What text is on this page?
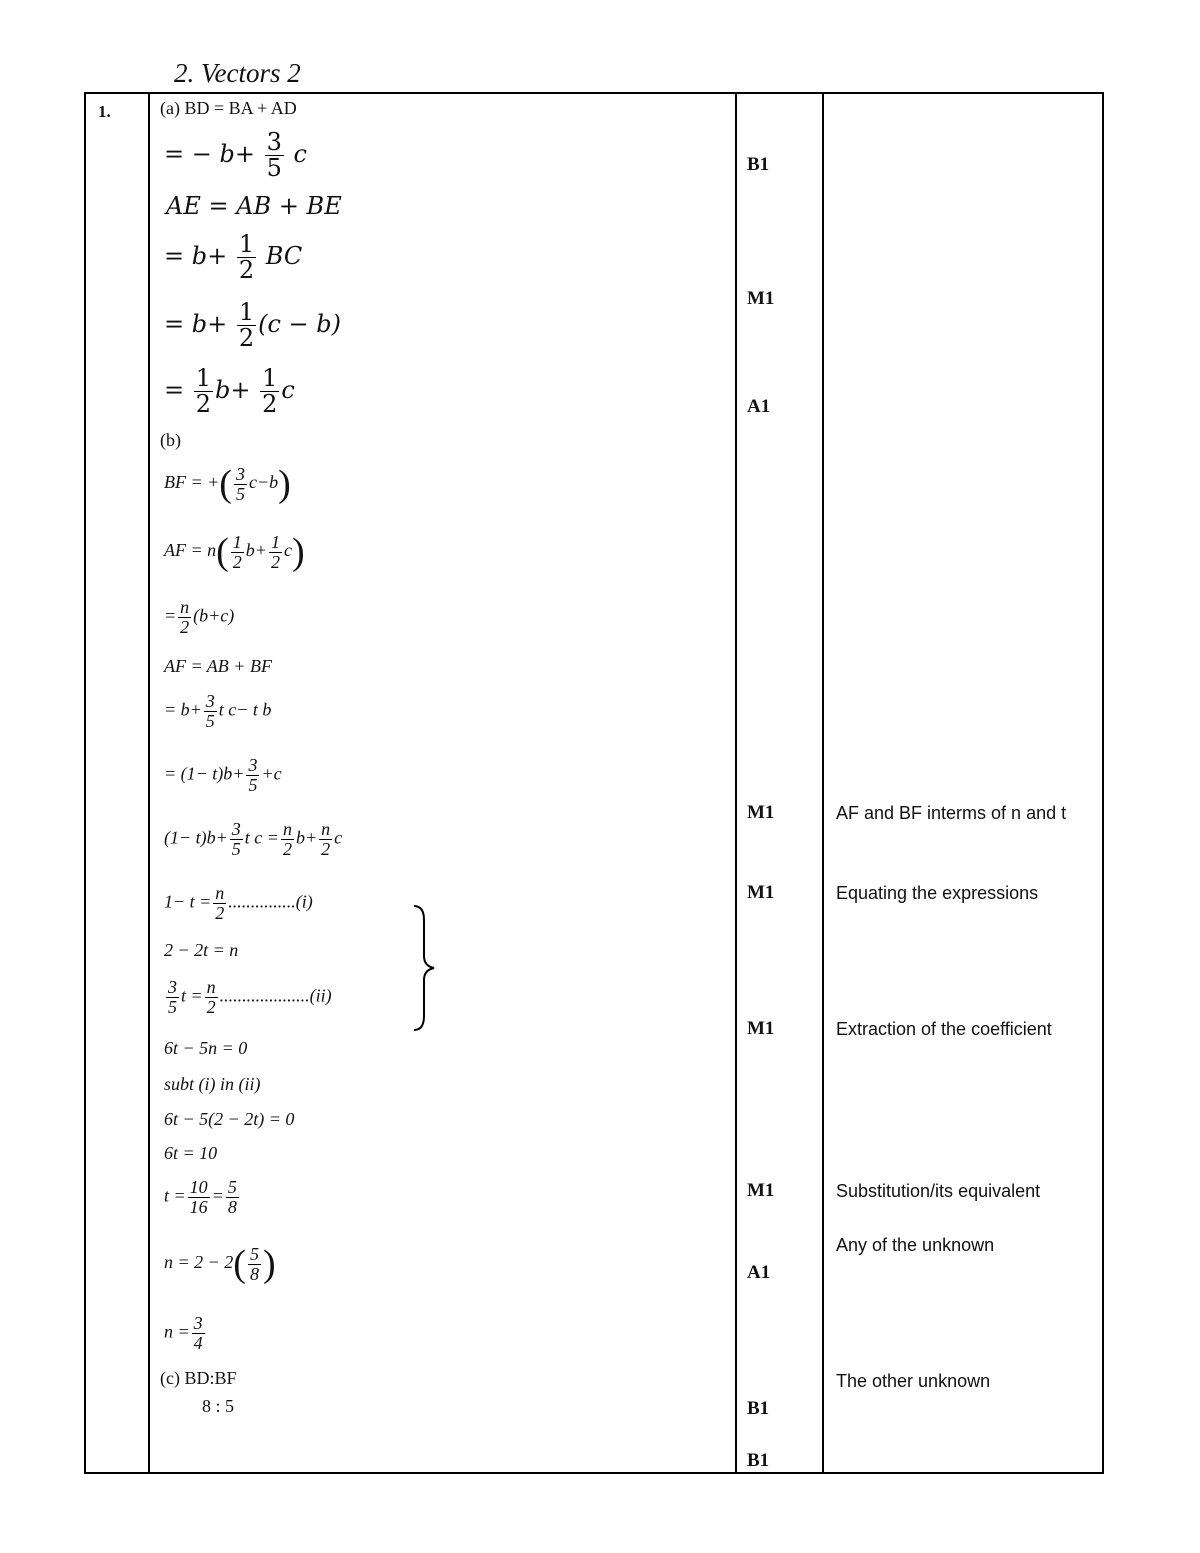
2. Vectors 2
1.	(a) BD = BA + AD
= − $b+ \frac{3}{5}$ c
AE = AB + BE
= $b+ \frac{1}{2}$ BC
= $b+ \frac{1}{2} (c - b)$
= $\frac{1}{2} b+ \frac{1}{2}$ c
(b)
BF = +( $\frac{3}{5} c-b$)
AF = $n( \frac{1}{2} b+ \frac{1}{2} c)$
= $\frac{n}{2} (b+c)$
AF = AB + BF
= $b+ \frac{3}{5}$ t c− t b
= $(1- t)b+ \frac{3}{5} +c$
$(1- t)b+ \frac{3}{5}$ t $c = \frac{n}{2} b+ \frac{n}{2}$ c
$1- t = \frac{n}{2} ...............(i)$
2 − 2t = n
$\frac{3}{5}$ $t = \frac{n}{2} ....................(ii)$
6t − 5n = 0
subt (i) in (ii)
6t − 5(2 − 2t) = 0
6t = 10
$t = \frac{10}{16} = \frac{5}{8}$
$n = 2 - 2( \frac{5}{8}$ )
$n = \frac{3}{4}$
(c) BD:BF
8 : 5
B1
M1
A1
M1
M1
M1
M1
A1
B1
B1
AF and BF interms of n and t
Equating the expressions
Extraction of the coefficient
Substitution/its equivalent
Any of the unknown
The other unknown
